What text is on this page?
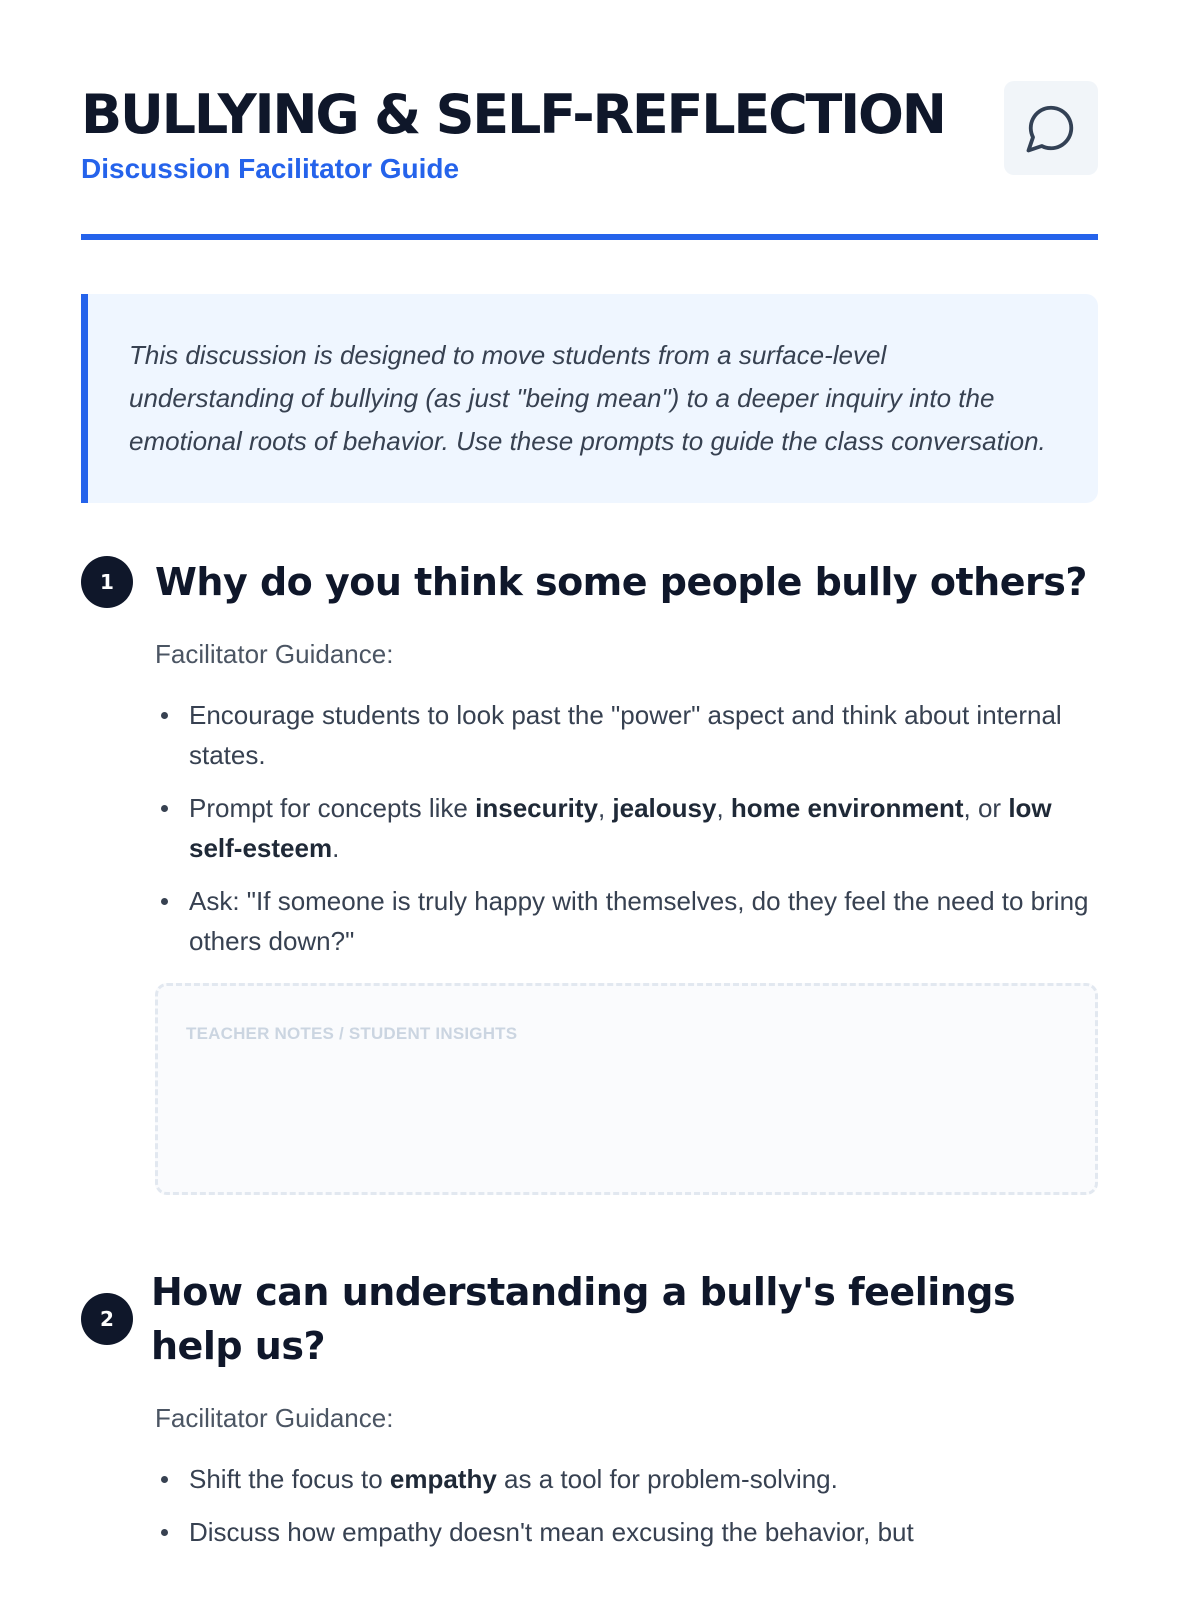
BULLYING & SELF-REFLECTION
Discussion Facilitator Guide

This discussion is designed to move students from a surface-level understanding of bullying (as just "being mean") to a deeper inquiry into the emotional roots of behavior. Use these prompts to guide the class conversation.

1	Why do you think some people bully others?
Facilitator Guidance:
Encourage students to look past the "power" aspect and think about internal states.
Prompt for concepts like insecurity, jealousy, home environment, or low self-esteem.
Ask: "If someone is truly happy with themselves, do they feel the need to bring others down?"
TEACHER NOTES / STUDENT INSIGHTS
2
How can understanding a bully's feelings help us?
Facilitator Guidance:
Shift the focus to empathy as a tool for problem-solving.
Discuss how empathy doesn't mean excusing the behavior, but
